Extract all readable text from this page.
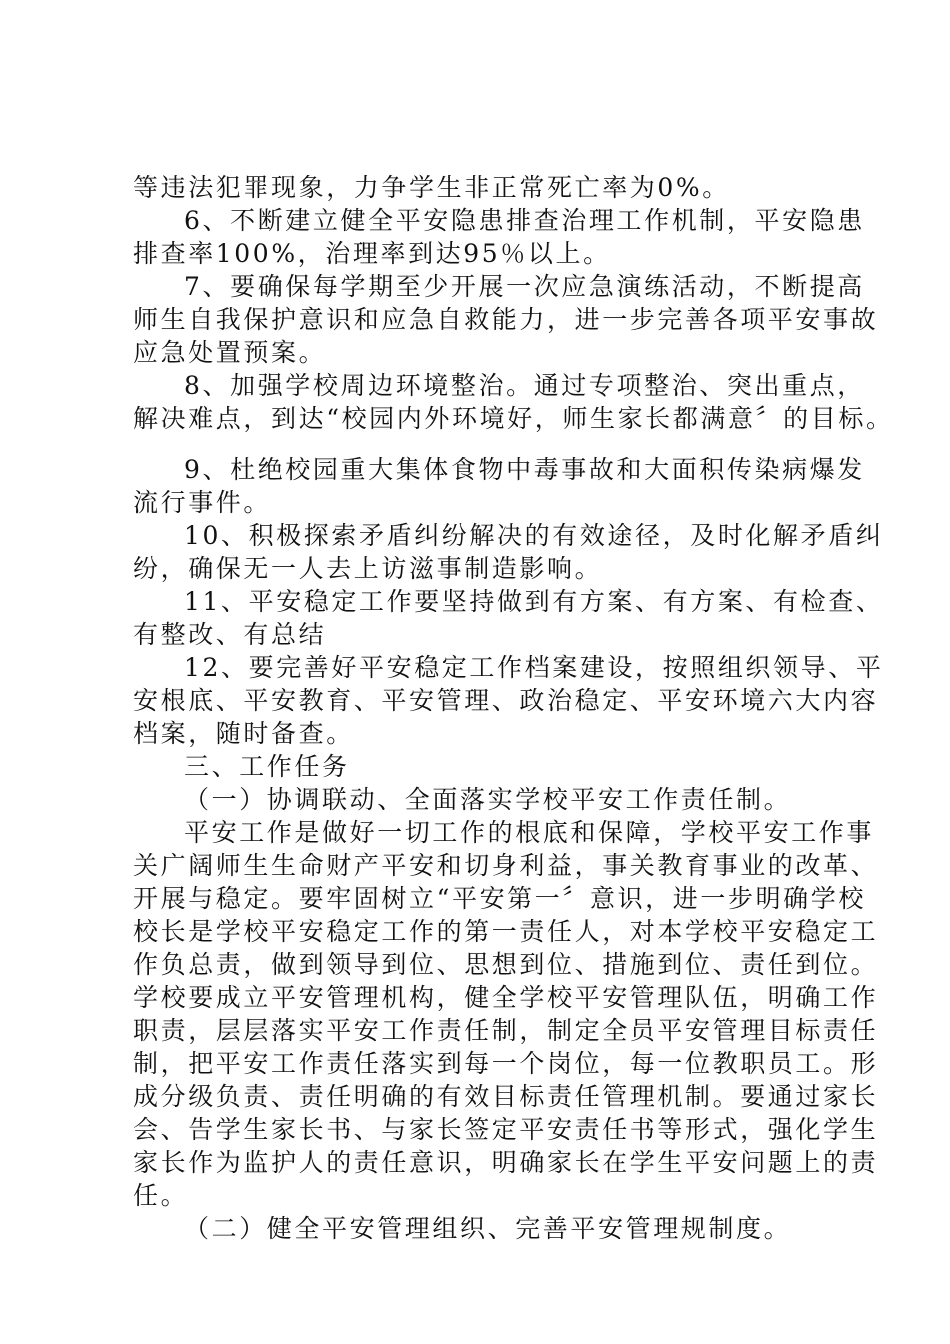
等违法犯罪现象，力争学生非正常死亡率为0%。
6、不断建立健全平安隐患排查治理工作机制，平安隐患
排查率100%，治理率到达95％以上。
7、要确保每学期至少开展一次应急演练活动，不断提高
师生自我保护意识和应急自救能力，进一步完善各项平安事故
应急处置预案。
8、加强学校周边环境整治。通过专项整治、突出重点，
解决难点，到达“校园内外环境好，师生家长都满意〞的目标。
9、杜绝校园重大集体食物中毒事故和大面积传染病爆发
流行事件。
10、积极探索矛盾纠纷解决的有效途径，及时化解矛盾纠
纷，确保无一人去上访滋事制造影响。
11、平安稳定工作要坚持做到有方案、有方案、有检查、
有整改、有总结
12、要完善好平安稳定工作档案建设，按照组织领导、平
安根底、平安教育、平安管理、政治稳定、平安环境六大内容
档案，随时备查。
三、工作任务
（一）协调联动、全面落实学校平安工作责任制。
平安工作是做好一切工作的根底和保障，学校平安工作事
关广阔师生生命财产平安和切身利益，事关教育事业的改革、
开展与稳定。要牢固树立“平安第一〞意识，进一步明确学校
校长是学校平安稳定工作的第一责任人，对本学校平安稳定工
作负总责，做到领导到位、思想到位、措施到位、责任到位。
学校要成立平安管理机构，健全学校平安管理队伍，明确工作
职责，层层落实平安工作责任制，制定全员平安管理目标责任
制，把平安工作责任落实到每一个岗位，每一位教职员工。形
成分级负责、责任明确的有效目标责任管理机制。要通过家长
会、告学生家长书、与家长签定平安责任书等形式，强化学生
家长作为监护人的责任意识，明确家长在学生平安问题上的责
任。
（二）健全平安管理组织、完善平安管理规制度。
